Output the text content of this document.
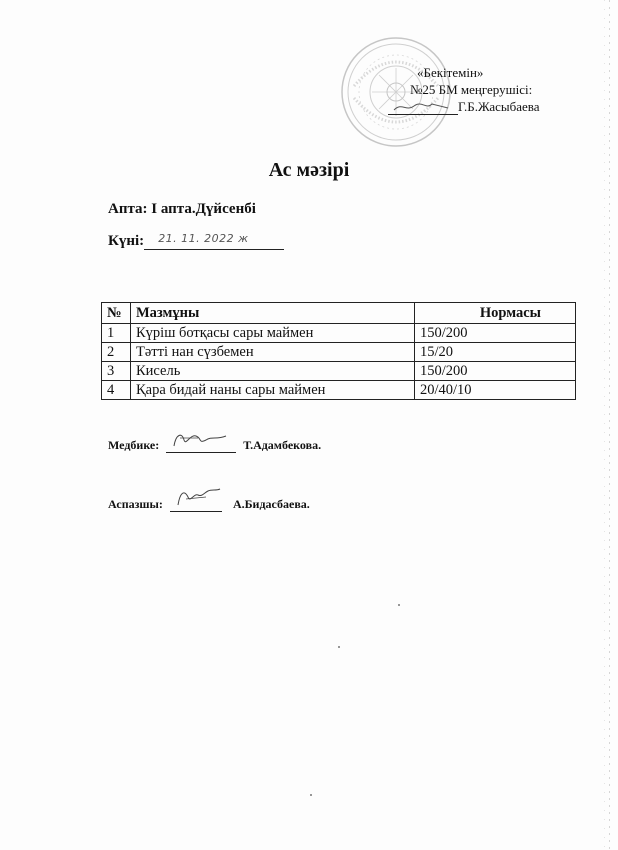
«Бекітемін»
№25 БМ меңгерушісі:
Г.Б.Жасыбаева
Ас мәзірі
Апта: І апта.Дүйсенбі
Күні: 21. 11. 2022 ж
№	Мазмұны	Нормасы
1	Күріш ботқасы сары маймен	150/200
2	Тәтті нан сүзбемен	15/20
3	Кисель	150/200
4	Қара бидай наны сары маймен	20/40/10
Медбике:	Т.Адамбекова.
Аспазшы:	А.Бидасбаева.
